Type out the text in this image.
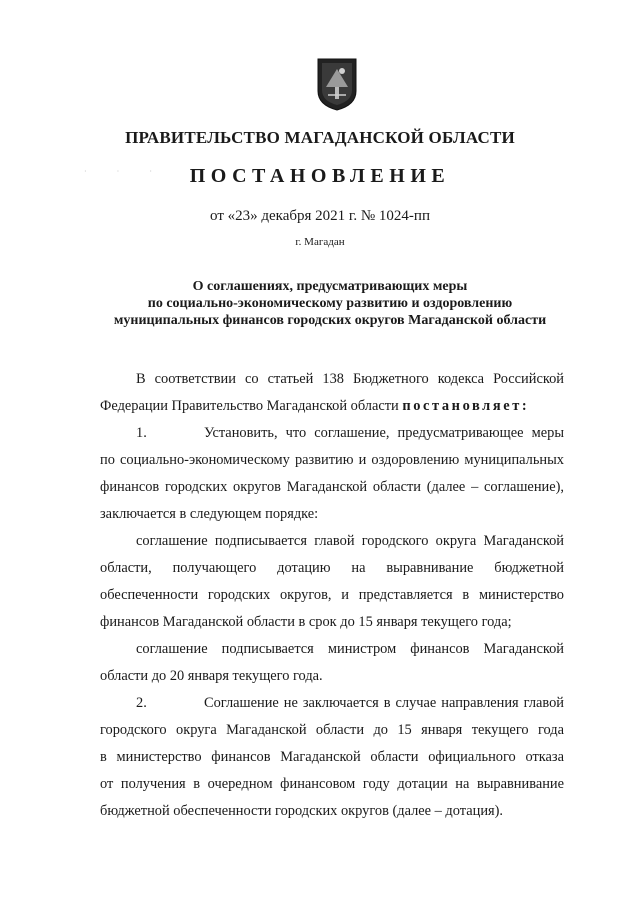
· · ·
ПРАВИТЕЛЬСТВО МАГАДАНСКОЙ ОБЛАСТИ
ПОСТАНОВЛЕНИЕ
от «23» декабря 2021 г. № 1024-пп
г. Магадан
О соглашениях, предусматривающих меры
по социально-экономическому развитию и оздоровлению
муниципальных финансов городских округов Магаданской области
В соответствии со статьей 138 Бюджетного кодекса Российской
Федерации Правительство Магаданской области постановляет:
1.	Установить, что соглашение, предусматривающее меры
по социально-экономическому развитию и оздоровлению муниципальных
финансов городских округов Магаданской области (далее – соглашение),
заключается в следующем порядке:
соглашение подписывается главой городского округа Магаданской
области, получающего дотацию на выравнивание бюджетной
обеспеченности городских округов, и представляется в министерство
финансов Магаданской области в срок до 15 января текущего года;
соглашение подписывается министром финансов Магаданской
области до 20 января текущего года.
2.	Соглашение не заключается в случае направления главой
городского округа Магаданской области до 15 января текущего года
в министерство финансов Магаданской области официального отказа
от получения в очередном финансовом году дотации на выравнивание
бюджетной обеспеченности городских округов (далее – дотация).
